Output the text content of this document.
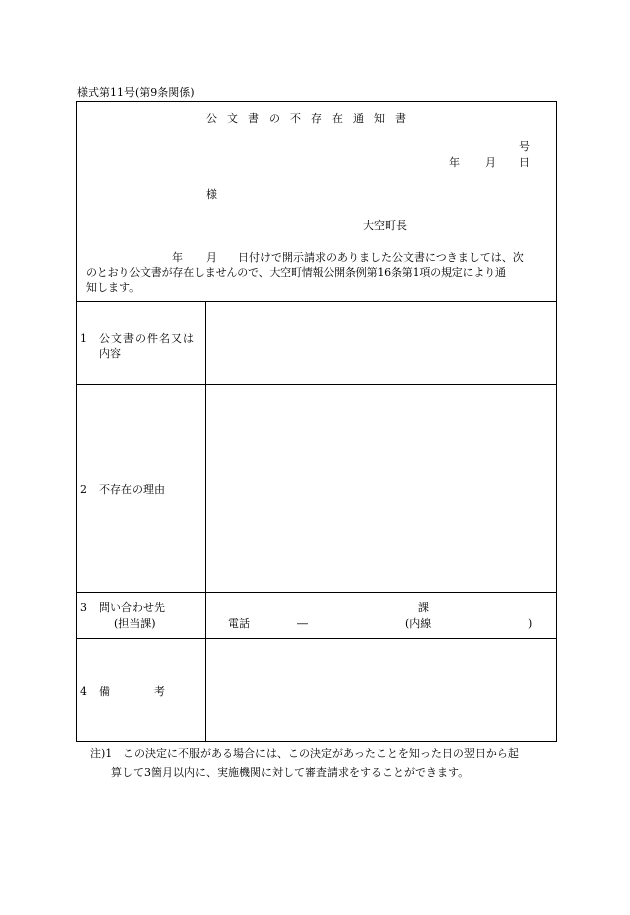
様式第11号(第9条関係)
公文書の不存在通知書
号
年 月 日
様
大空町長
年 月 日付けで開示請求のありました公文書につきましては、次
のとおり公文書が存在しませんので、大空町情報公開条例第16条第1項の規定により通
知します。
1 公文書の件名又は
内容
2 不存在の理由
3 問い合わせ先
(担当課)
課
電話	―	(内線	)
4 備　　　　考
注)1 この決定に不服がある場合には、この決定があったことを知った日の翌日から起
算して3箇月以内に、実施機関に対して審査請求をすることができます。
